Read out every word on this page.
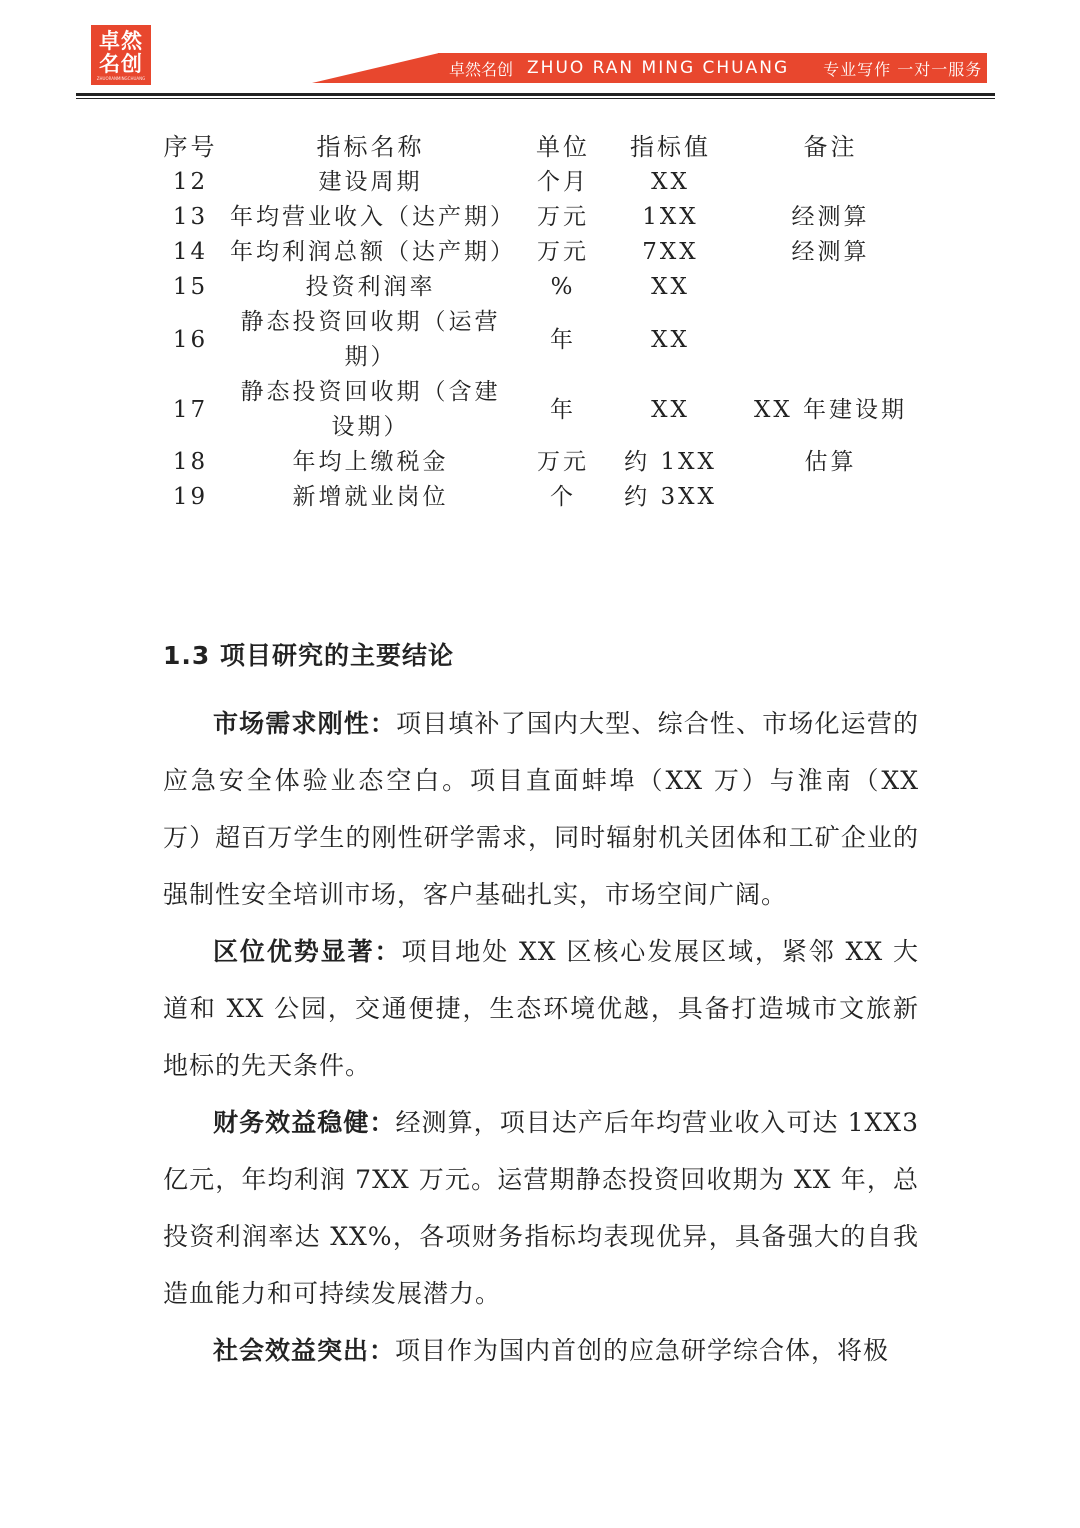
卓然
名创
ZHUORANMINGCHUANG	卓然名创 ZHUO RAN MING CHUANG 专业写作 一对一服务
序号	指标名称	单位	指标值	备注
12	建设周期	个月	XX	
13	年均营业收入（达产期）	万元	1XX	经测算
14	年均利润总额（达产期）	万元	7XX	经测算
15	投资利润率	%	XX	
16	静态投资回收期（运营期）	年	XX	
17	静态投资回收期（含建设期）	年	XX	XX 年建设期
18	年均上缴税金	万元	约 1XX	估算
19	新增就业岗位	个	约 3XX	
1.3 项目研究的主要结论

市场需求刚性：项目填补了国内大型、综合性、市场化运营的应急安全体验业态空白。项目直面蚌埠（XX 万）与淮南（XX 万）超百万学生的刚性研学需求，同时辐射机关团体和工矿企业的强制性安全培训市场，客户基础扎实，市场空间广阔。

区位优势显著：项目地处 XX 区核心发展区域，紧邻 XX 大道和 XX 公园，交通便捷，生态环境优越，具备打造城市文旅新地标的先天条件。

财务效益稳健：经测算，项目达产后年均营业收入可达 1XX3 亿元，年均利润 7XX 万元。运营期静态投资回收期为 XX 年，总投资利润率达 XX%，各项财务指标均表现优异，具备强大的自我造血能力和可持续发展潜力。

社会效益突出：项目作为国内首创的应急研学综合体，将极
